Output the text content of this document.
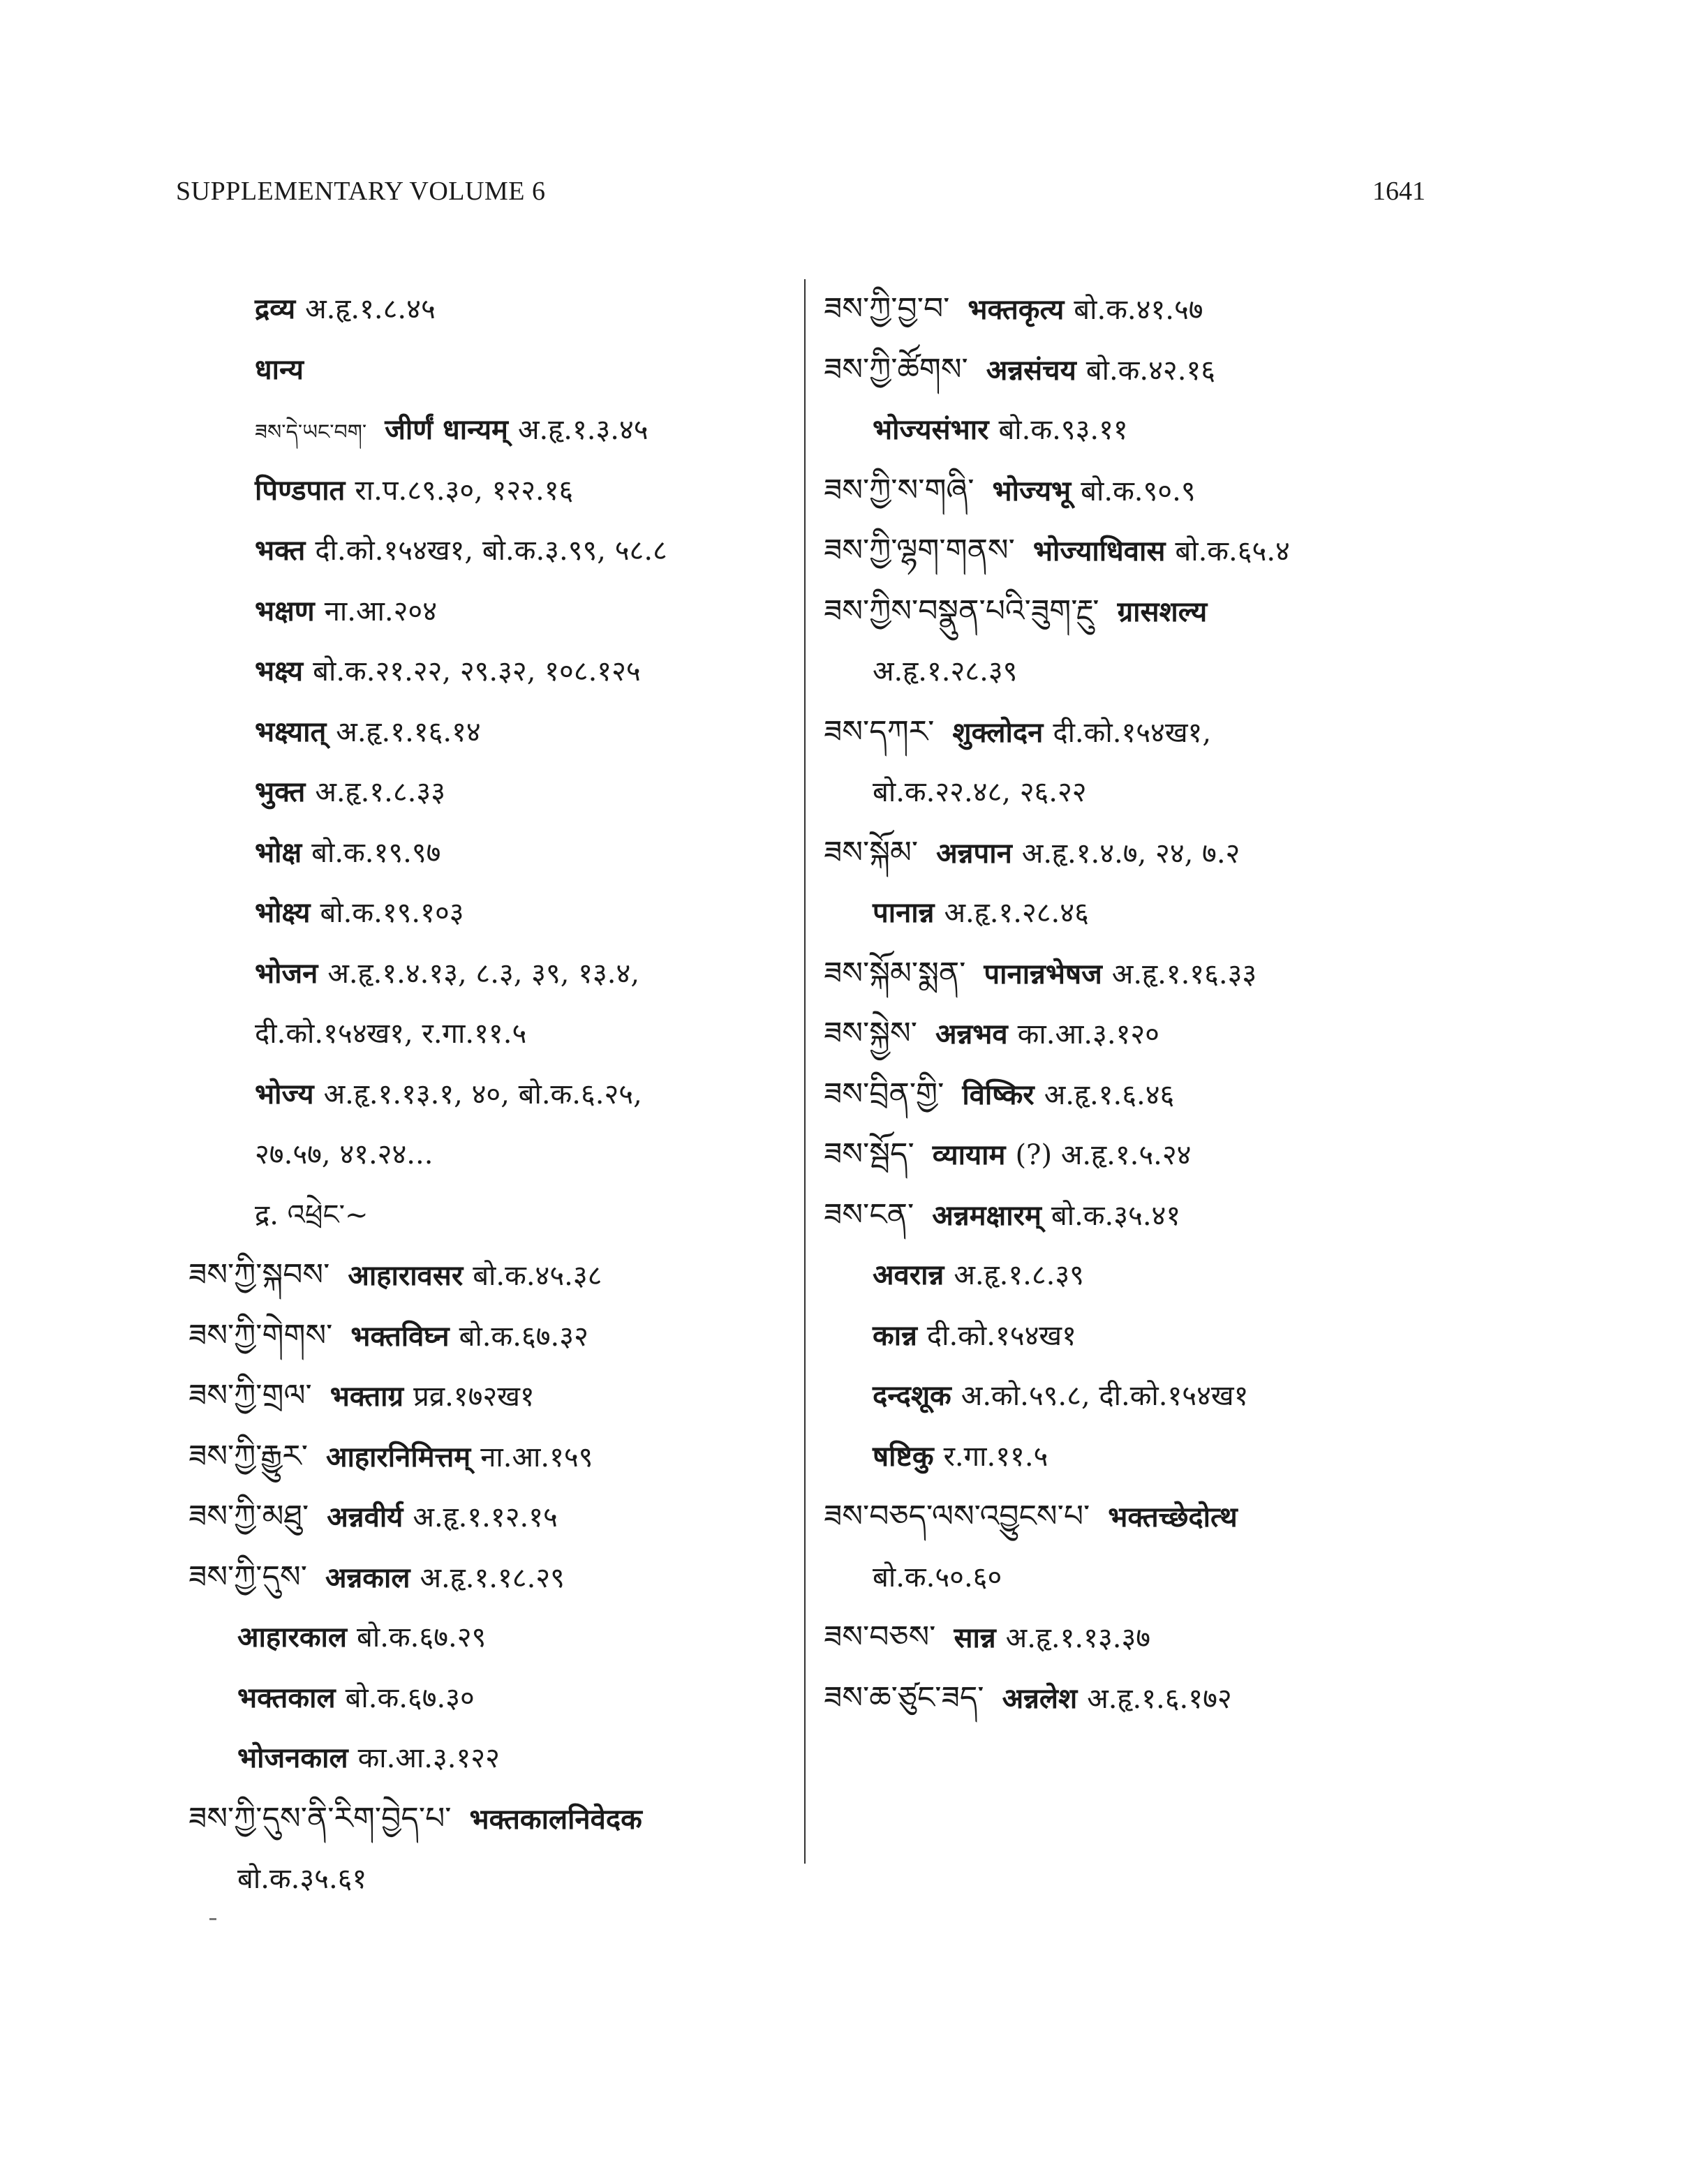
SUPPLEMENTARY VOLUME 6	1641
द्रव्य अ.हृ.१.८.४५
धान्य
ཟས་དེ་ཡང་བག་ जीर्णं धान्यम् अ.हृ.१.३.४५
पिण्डपात रा.प.८९.३०, १२२.१६
भक्त दी.को.१५४ख१, बो.क.३.९९, ५८.८
भक्षण ना.आ.२०४
भक्ष्य बो.क.२१.२२, २९.३२, १०८.१२५
भक्ष्यात् अ.हृ.१.१६.१४
भुक्त अ.हृ.१.८.३३
भोक्ष बो.क.१९.९७
भोक्ष्य बो.क.१९.१०३
भोजन अ.हृ.१.४.१३, ८.३, ३९, १३.४,
दी.को.१५४ख१, र.गा.११.५
भोज्य अ.हृ.१.१३.१, ४०, बो.क.६.२५,
२७.५७, ४१.२४...
द्र. འཕྲེང་~
ཟས་ཀྱི་སྐབས་ आहारावसर बो.क.४५.३८
ཟས་ཀྱི་གེགས་ भक्तविघ्न बो.क.६७.३२
ཟས་ཀྱི་གྲལ་ भक्ताग्र प्रव्र.१७२ख१
ཟས་ཀྱི་རྒྱུར་ आहारनिमित्तम् ना.आ.१५९
ཟས་ཀྱི་མཐུ་ अन्नवीर्य अ.हृ.१.१२.१५
ཟས་ཀྱི་དུས་ अन्नकाल अ.हृ.१.१८.२९
आहारकाल बो.क.६७.२९
भक्तकाल बो.क.६७.३०
भोजनकाल का.आ.३.१२२
ཟས་ཀྱི་དུས་ནི་རིག་བྱེད་པ་ भक्तकालनिवेदक
बो.क.३५.६१
ཟས་ཀྱི་བྱ་བ་ भक्तकृत्य बो.क.४१.५७
ཟས་ཀྱི་ཚོགས་ अन्नसंचय बो.क.४२.१६
भोज्यसंभार बो.क.९३.११
ཟས་ཀྱི་ས་གཞི་ भोज्यभू बो.क.९०.९
ཟས་ཀྱི་ལྷག་གནས་ भोज्याधिवास बो.क.६५.४
ཟས་ཀྱིས་བསྣུན་པའི་ཟུག་རྔུ་ ग्रासशल्य
अ.हृ.१.२८.३९
ཟས་དཀར་ शुक्लोदन दी.को.१५४ख१,
बो.क.२२.४८, २६.२२
ཟས་སྐོམ་ अन्नपान अ.हृ.१.४.७, २४, ७.२
पानान्न अ.हृ.१.२८.४६
ཟས་སྐོམ་སྨན་ पानान्नभेषज अ.हृ.१.१६.३३
ཟས་སྐྱེས་ अन्नभव का.आ.३.१२०
ཟས་བྲིན་གྱི་ विष्किर अ.हृ.१.६.४६
ཟས་སྦོད་ व्यायाम (?) अ.हृ.१.५.२४
ཟས་ངན་ अन्नमक्षारम् बो.क.३५.४१
अवरान्न अ.हृ.१.८.३९
कान्न दी.को.१५४ख१
दन्दशूक अ.को.५९.८, दी.को.१५४ख१
षष्टिकु र.गा.११.५
ཟས་བཅད་ལས་འབྱུངས་པ་ भक्तच्छेदोत्थ
बो.क.५०.६०
ཟས་བཅས་ सान्न अ.हृ.१.१३.३७
ཟས་ཆ་ཙུང་ཟད་ अन्नलेश अ.हृ.१.६.१७२
